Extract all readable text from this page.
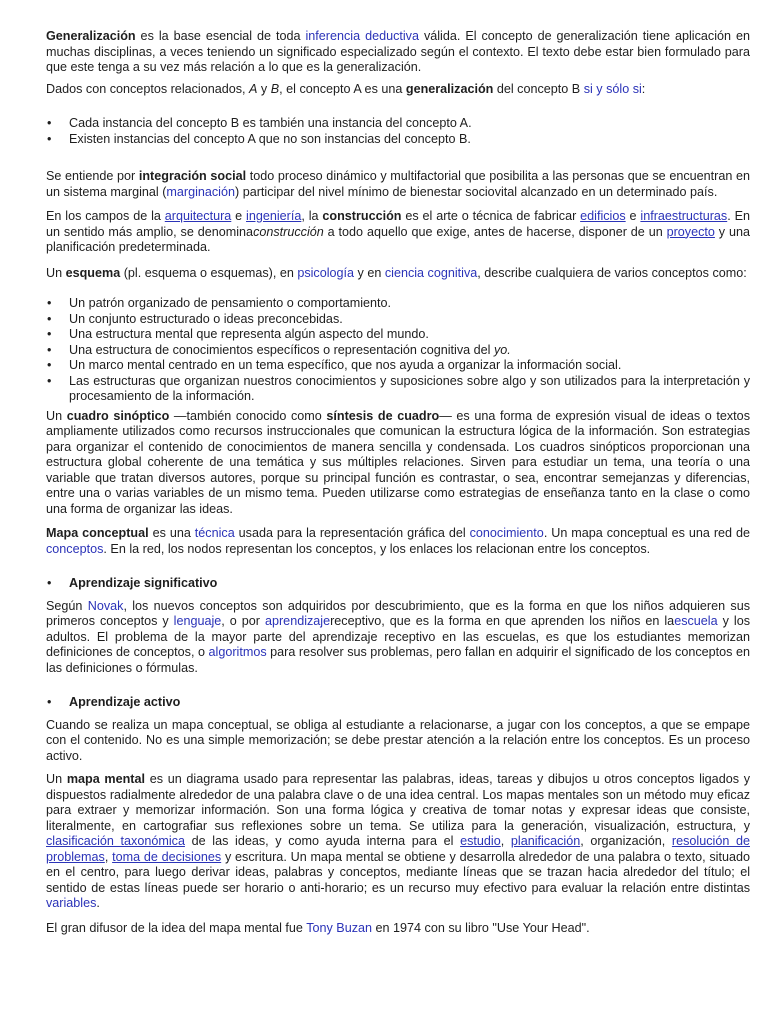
Generalización es la base esencial de toda inferencia deductiva válida. El concepto de generalización tiene aplicación en muchas disciplinas, a veces teniendo un significado especializado según el contexto. El texto debe estar bien formulado para que este tenga a su vez más relación a lo que es la generalización.

Dados con conceptos relacionados, A y B, el concepto A es una generalización del concepto B si y sólo si:

• Cada instancia del concepto B es también una instancia del concepto A.
• Existen instancias del concepto A que no son instancias del concepto B.

Se entiende por integración social todo proceso dinámico y multifactorial que posibilita a las personas que se encuentran en un sistema marginal (marginación) participar del nivel mínimo de bienestar sociovital alcanzado en un determinado país.

En los campos de la arquitectura e ingeniería, la construcción es el arte o técnica de fabricar edificios e infraestructuras. En un sentido más amplio, se denominaconstrucción a todo aquello que exige, antes de hacerse, disponer de un proyecto y una planificación predeterminada.

Un esquema (pl. esquema o esquemas), en psicología y en ciencia cognitiva, describe cualquiera de varios conceptos como:

• Un patrón organizado de pensamiento o comportamiento.
• Un conjunto estructurado o ideas preconcebidas.
• Una estructura mental que representa algún aspecto del mundo.
• Una estructura de conocimientos específicos o representación cognitiva del yo.
• Un marco mental centrado en un tema específico, que nos ayuda a organizar la información social.
• Las estructuras que organizan nuestros conocimientos y suposiciones sobre algo y son utilizados para la interpretación y procesamiento de la información.

Un cuadro sinóptico —también conocido como síntesis de cuadro— es una forma de expresión visual de ideas o textos ampliamente utilizados como recursos instruccionales que comunican la estructura lógica de la información. Son estrategias para organizar el contenido de conocimientos de manera sencilla y condensada. Los cuadros sinópticos proporcionan una estructura global coherente de una temática y sus múltiples relaciones. Sirven para estudiar un tema, una teoría o una variable que tratan diversos autores, porque su principal función es contrastar, o sea, encontrar semejanzas y diferencias, entre una o varias variables de un mismo tema. Pueden utilizarse como estrategias de enseñanza tanto en la clase o como una forma de organizar las ideas.

Mapa conceptual es una técnica usada para la representación gráfica del conocimiento. Un mapa conceptual es una red de conceptos. En la red, los nodos representan los conceptos, y los enlaces los relacionan entre los conceptos.

• Aprendizaje significativo

Según Novak, los nuevos conceptos son adquiridos por descubrimiento, que es la forma en que los niños adquieren sus primeros conceptos y lenguaje, o por aprendizajereceptivo, que es la forma en que aprenden los niños en laescuela y los adultos. El problema de la mayor parte del aprendizaje receptivo en las escuelas, es que los estudiantes memorizan definiciones de conceptos, o algoritmos para resolver sus problemas, pero fallan en adquirir el significado de los conceptos en las definiciones o fórmulas.

• Aprendizaje activo

Cuando se realiza un mapa conceptual, se obliga al estudiante a relacionarse, a jugar con los conceptos, a que se empape con el contenido. No es una simple memorización; se debe prestar atención a la relación entre los conceptos. Es un proceso activo.

Un mapa mental es un diagrama usado para representar las palabras, ideas, tareas y dibujos u otros conceptos ligados y dispuestos radialmente alrededor de una palabra clave o de una idea central. Los mapas mentales son un método muy eficaz para extraer y memorizar información. Son una forma lógica y creativa de tomar notas y expresar ideas que consiste, literalmente, en cartografiar sus reflexiones sobre un tema. Se utiliza para la generación, visualización, estructura, y clasificación taxonómica de las ideas, y como ayuda interna para el estudio, planificación, organización, resolución de problemas, toma de decisiones y escritura. Un mapa mental se obtiene y desarrolla alrededor de una palabra o texto, situado en el centro, para luego derivar ideas, palabras y conceptos, mediante líneas que se trazan hacia alrededor del título; el sentido de estas líneas puede ser horario o anti-horario; es un recurso muy efectivo para evaluar la relación entre distintas variables.

El gran difusor de la idea del mapa mental fue Tony Buzan en 1974 con su libro "Use Your Head".
